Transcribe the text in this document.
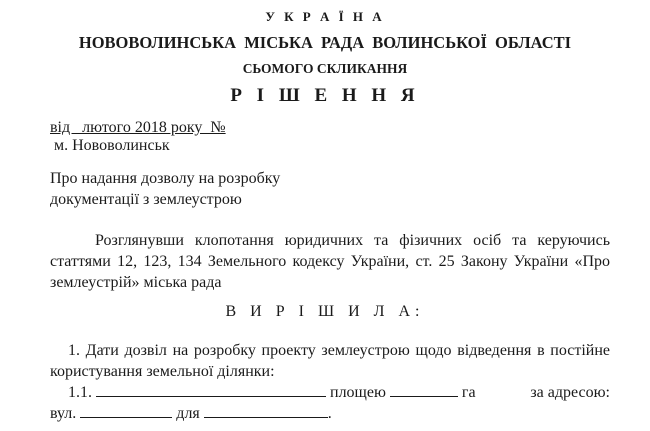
У К Р А Ї Н А
НОВОВОЛИНСЬКА МІСЬКА РАДА ВОЛИНСЬКОЇ ОБЛАСТІ
СЬОМОГО СКЛИКАННЯ
Р І Ш Е Н Н Я
від   лютого 2018 року  №
м. Нововолинськ
Про надання дозволу на розробку
документації з землеустрою
Розглянувши клопотання юридичних та фізичних осіб та керуючись статтями 12, 123, 134 Земельного кодексу України, ст. 25 Закону України «Про землеустрій» міська рада
В И Р І Ш И Л А:
1. Дати дозвіл на розробку проекту землеустрою щодо відведення в постійне користування земельної ділянки:
1.1.	площею	га	за адресою:
вул.	для	.
